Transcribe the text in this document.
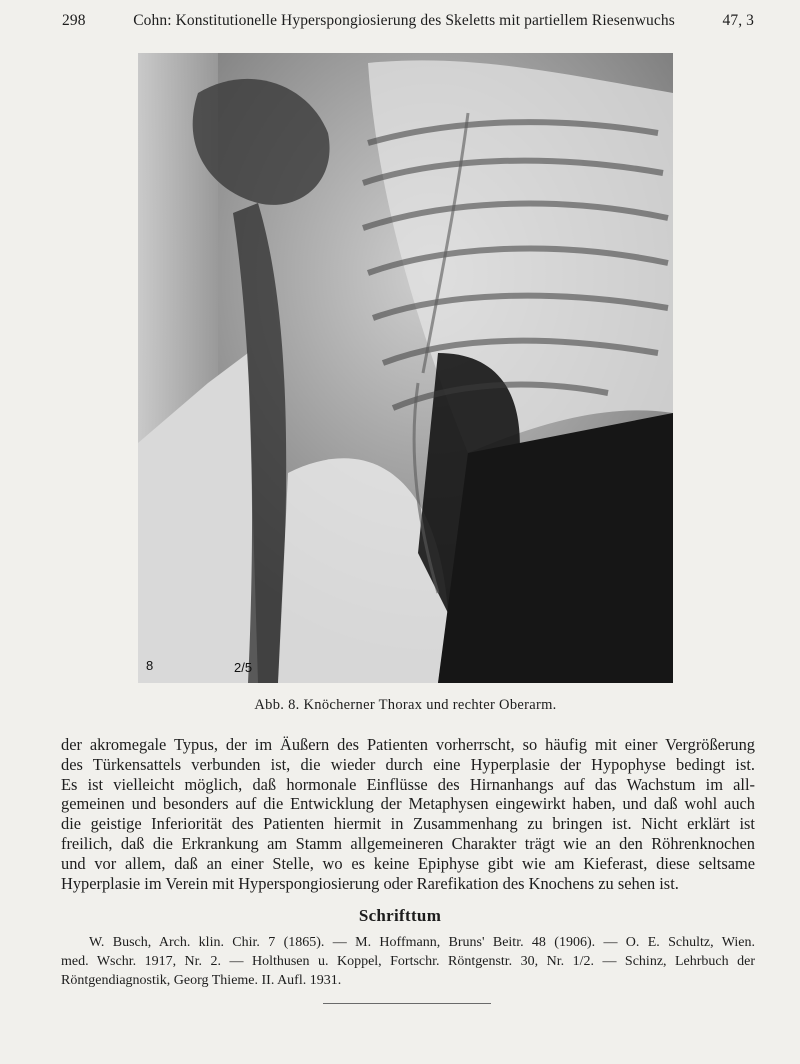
298	Cohn: Konstitutionelle Hyperspongiosierung des Skeletts mit partiellem Riesenwuchs	47, 3
8	2/5
Abb. 8. Knöcherner Thorax und rechter Oberarm.
der akromegale Typus, der im Äußern des Patienten vorherrscht, so häufig mit einer Vergrößerung
des Türkensattels verbunden ist, die wieder durch eine Hyperplasie der Hypophyse bedingt ist.
Es ist vielleicht möglich, daß hormonale Einflüsse des Hirnanhangs auf das Wachstum im all-
gemeinen und besonders auf die Entwicklung der Metaphysen eingewirkt haben, und daß wohl auch
die geistige Inferiorität des Patienten hiermit in Zusammenhang zu bringen ist. Nicht erklärt ist
freilich, daß die Erkrankung am Stamm allgemeineren Charakter trägt wie an den Röhrenknochen
und vor allem, daß an einer Stelle, wo es keine Epiphyse gibt wie am Kieferast, diese seltsame
Hyperplasie im Verein mit Hyperspongiosierung oder Rarefikation des Knochens zu sehen ist.
Schrifttum
W. Busch, Arch. klin. Chir. 7 (1865). — M. Hoffmann, Bruns' Beitr. 48 (1906). — O. E. Schultz, Wien.
med. Wschr. 1917, Nr. 2. — Holthusen u. Koppel, Fortschr. Röntgenstr. 30, Nr. 1/2. — Schinz, Lehrbuch der
Röntgendiagnostik, Georg Thieme. II. Aufl. 1931.
